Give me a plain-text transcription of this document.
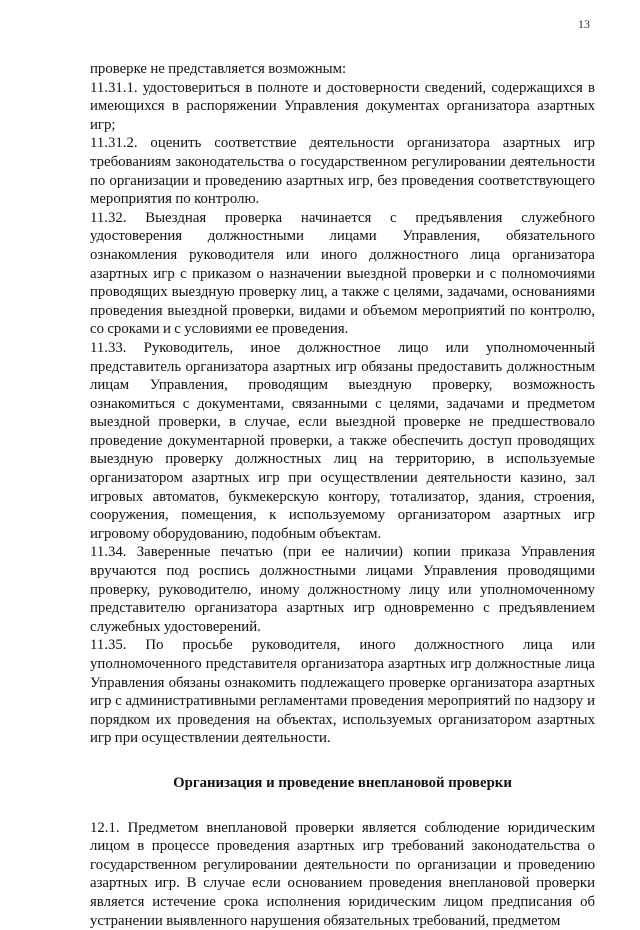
13

проверке не представляется возможным:

11.31.1. удостовериться в полноте и достоверности сведений, содержащихся в имеющихся в распоряжении Управления документах организатора азартных игр;

11.31.2. оценить соответствие деятельности организатора азартных игр требованиям законодательства о государственном регулировании деятельности по организации и проведению азартных игр, без проведения соответствующего мероприятия по контролю.

11.32. Выездная проверка начинается с предъявления служебного удостоверения должностными лицами Управления, обязательного ознакомления руководителя или иного должностного лица организатора азартных игр с приказом о назначении выездной проверки и с полномочиями проводящих выездную проверку лиц, а также с целями, задачами, основаниями проведения выездной проверки, видами и объемом мероприятий по контролю, со сроками и с условиями ее проведения.

11.33. Руководитель, иное должностное лицо или уполномоченный представитель организатора азартных игр обязаны предоставить должностным лицам Управления, проводящим выездную проверку, возможность ознакомиться с документами, связанными с целями, задачами и предметом выездной проверки, в случае, если выездной проверке не предшествовало проведение документарной проверки, а также обеспечить доступ проводящих выездную проверку должностных лиц на территорию, в используемые организатором азартных игр при осуществлении деятельности казино, зал игровых автоматов, букмекерскую контору, тотализатор, здания, строения, сооружения, помещения, к используемому организатором азартных игр игровому оборудованию, подобным объектам.

11.34. Заверенные печатью (при ее наличии) копии приказа Управления вручаются под роспись должностными лицами Управления проводящими проверку, руководителю, иному должностному лицу или уполномоченному представителю организатора азартных игр одновременно с предъявлением служебных удостоверений.

11.35. По просьбе руководителя, иного должностного лица или уполномоченного представителя организатора азартных игр должностные лица Управления обязаны ознакомить подлежащего проверке организатора азартных игр с административными регламентами проведения мероприятий по надзору и порядком их проведения на объектах, используемых организатором азартных игр при осуществлении деятельности.

Организация и проведение внеплановой проверки

12.1. Предметом внеплановой проверки является соблюдение юридическим лицом в процессе проведения азартных игр требований законодательства о государственном регулировании деятельности по организации и проведению азартных игр. В случае если основанием проведения внеплановой проверки является истечение срока исполнения юридическим лицом предписания об устранении выявленного нарушения обязательных требований, предметом
